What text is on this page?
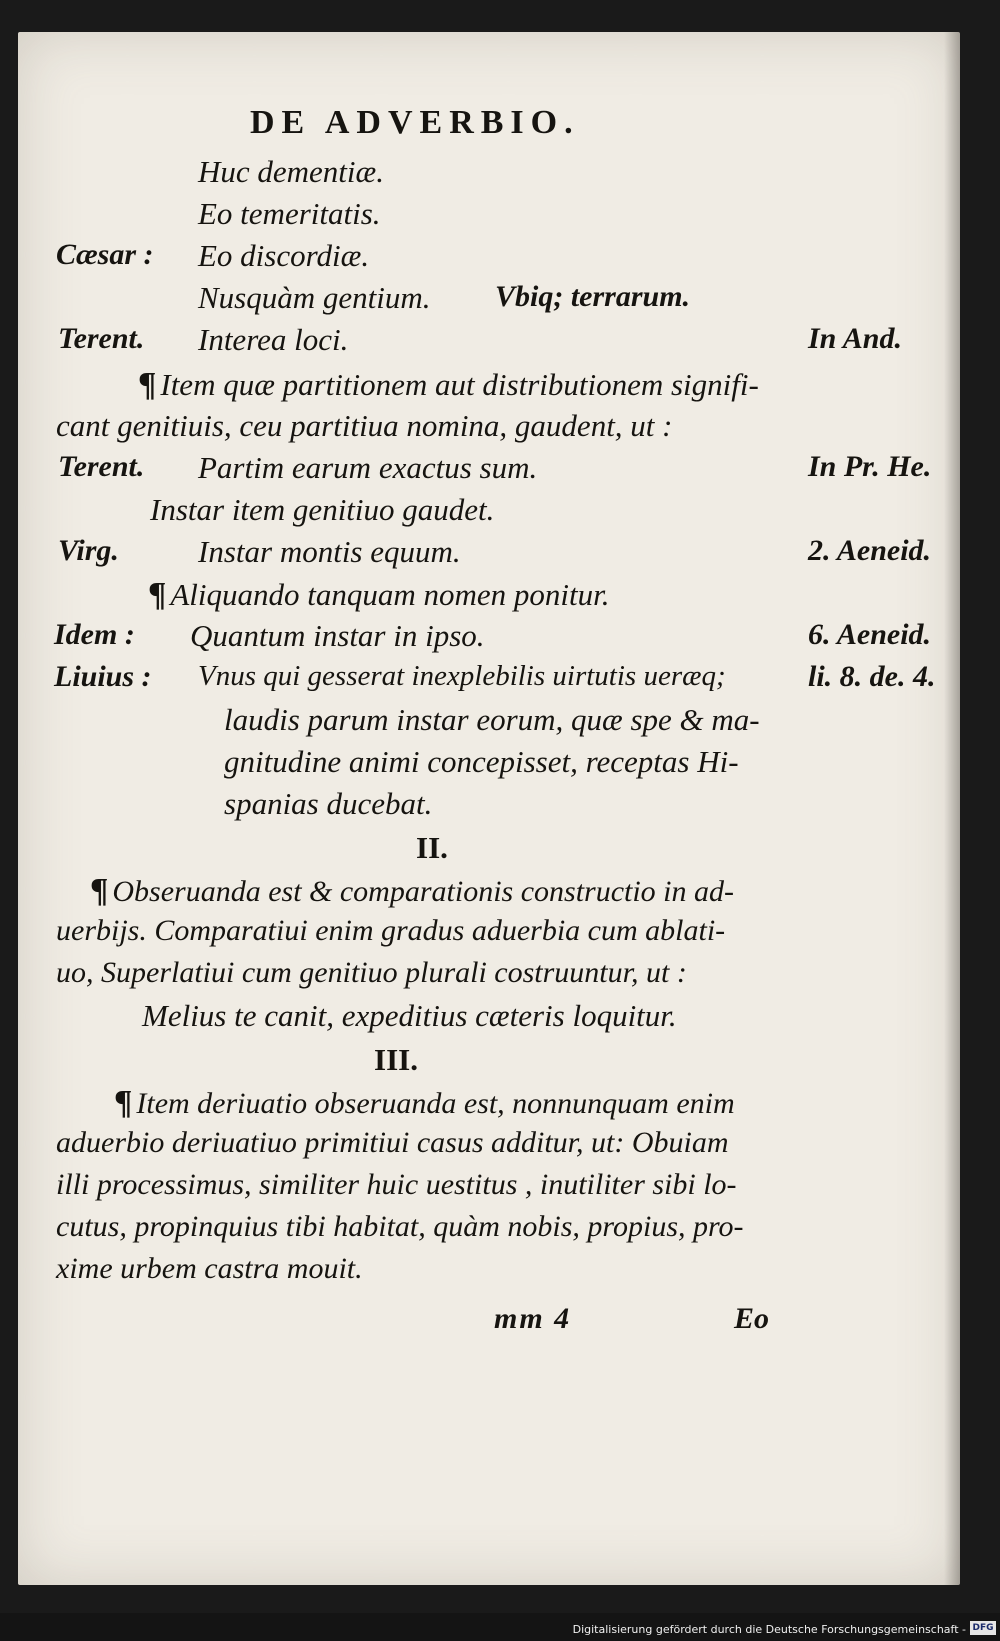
DE ADVERBIO.
Huc dementiæ.
Eo temeritatis.
Cæsar : Eo discordiæ.
Nusquàm gentium. Vbiq; terrarum.
Terent. Interea loci.	In And.
¶ Item quæ partitionem aut distributionem signifi-
cant genitiuis, ceu partitiua nomina, gaudent, ut :
Terent. Partim earum exactus sum.	In Pr. He.
Instar item genitiuo gaudet.
Virg.	Instar montis equum.	2. Aeneid.
¶ Aliquando tanquam nomen ponitur.
Idem : Quantum instar in ipso.	6. Aeneid.
Liuius : Vnus qui gesserat inexplebilis uirtutis ueræq;	li. 8. de. 4.
laudis parum instar eorum, quæ spe & ma-
gnitudine animi concepisset, receptas Hi-
spanias ducebat.
II.
¶ Obseruanda est & comparationis constructio in ad-
uerbijs. Comparatiui enim gradus aduerbia cum ablati-
uo, Superlatiui cum genitiuo plurali costruuntur, ut :
Melius te canit, expeditius cæteris loquitur.
III.
¶ Item deriuatio obseruanda est, nonnunquam enim
aduerbio deriuatiuo primitiui casus additur, ut: Obuiam
illi processimus, similiter huic uestitus , inutiliter sibi lo-
cutus, propinquius tibi habitat, quàm nobis, propius, pro-
xime urbem castra mouit.
mm 4	Eo
Digitalisierung gefördert durch die Deutsche Forschungsgemeinschaft - DFG
